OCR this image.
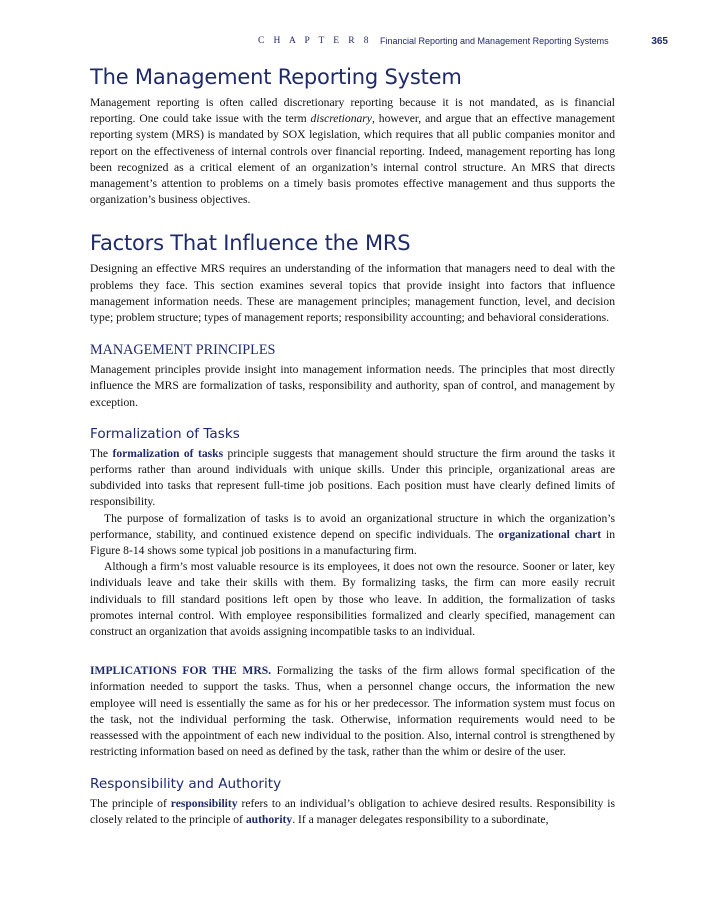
C H A P T E R 8 Financial Reporting and Management Reporting Systems	365
The Management Reporting System

Management reporting is often called discretionary reporting because it is not mandated, as is financial reporting. One could take issue with the term discretionary, however, and argue that an effective management reporting system (MRS) is mandated by SOX legislation, which requires that all public companies monitor and report on the effectiveness of internal controls over financial reporting. Indeed, management reporting has long been recognized as a critical element of an organization’s internal control structure. An MRS that directs management’s attention to problems on a timely basis promotes effective management and thus supports the organization’s business objectives.

Factors That Influence the MRS

Designing an effective MRS requires an understanding of the information that managers need to deal with the problems they face. This section examines several topics that provide insight into factors that influence management information needs. These are management principles; management function, level, and decision type; problem structure; types of management reports; responsibility accounting; and behavioral considerations.

MANAGEMENT PRINCIPLES

Management principles provide insight into management information needs. The principles that most directly influence the MRS are formalization of tasks, responsibility and authority, span of control, and management by exception.

Formalization of Tasks

The formalization of tasks principle suggests that management should structure the firm around the tasks it performs rather than around individuals with unique skills. Under this principle, organizational areas are subdivided into tasks that represent full-time job positions. Each position must have clearly defined limits of responsibility.

The purpose of formalization of tasks is to avoid an organizational structure in which the organization’s performance, stability, and continued existence depend on specific individuals. The organizational chart in Figure 8-14 shows some typical job positions in a manufacturing firm.

Although a firm’s most valuable resource is its employees, it does not own the resource. Sooner or later, key individuals leave and take their skills with them. By formalizing tasks, the firm can more easily recruit individuals to fill standard positions left open by those who leave. In addition, the formalization of tasks promotes internal control. With employee responsibilities formalized and clearly specified, management can construct an organization that avoids assigning incompatible tasks to an individual.

IMPLICATIONS FOR THE MRS. Formalizing the tasks of the firm allows formal specification of the information needed to support the tasks. Thus, when a personnel change occurs, the information the new employee will need is essentially the same as for his or her predecessor. The information system must focus on the task, not the individual performing the task. Otherwise, information requirements would need to be reassessed with the appointment of each new individual to the position. Also, internal control is strengthened by restricting information based on need as defined by the task, rather than the whim or desire of the user.

Responsibility and Authority

The principle of responsibility refers to an individual’s obligation to achieve desired results. Responsibility is closely related to the principle of authority. If a manager delegates responsibility to a subordinate,
